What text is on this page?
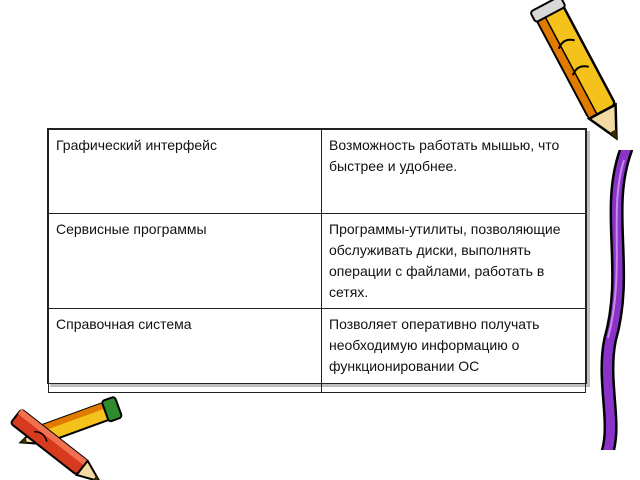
Графический интерфейс	Возможность работать мышью, что быстрее и удобнее.
Сервисные программы	Программы-утилиты, позволяющие обслуживать диски, выполнять операции с файлами, работать в сетях.
Справочная система	Позволяет оперативно получать необходимую информацию о функционировании ОС
